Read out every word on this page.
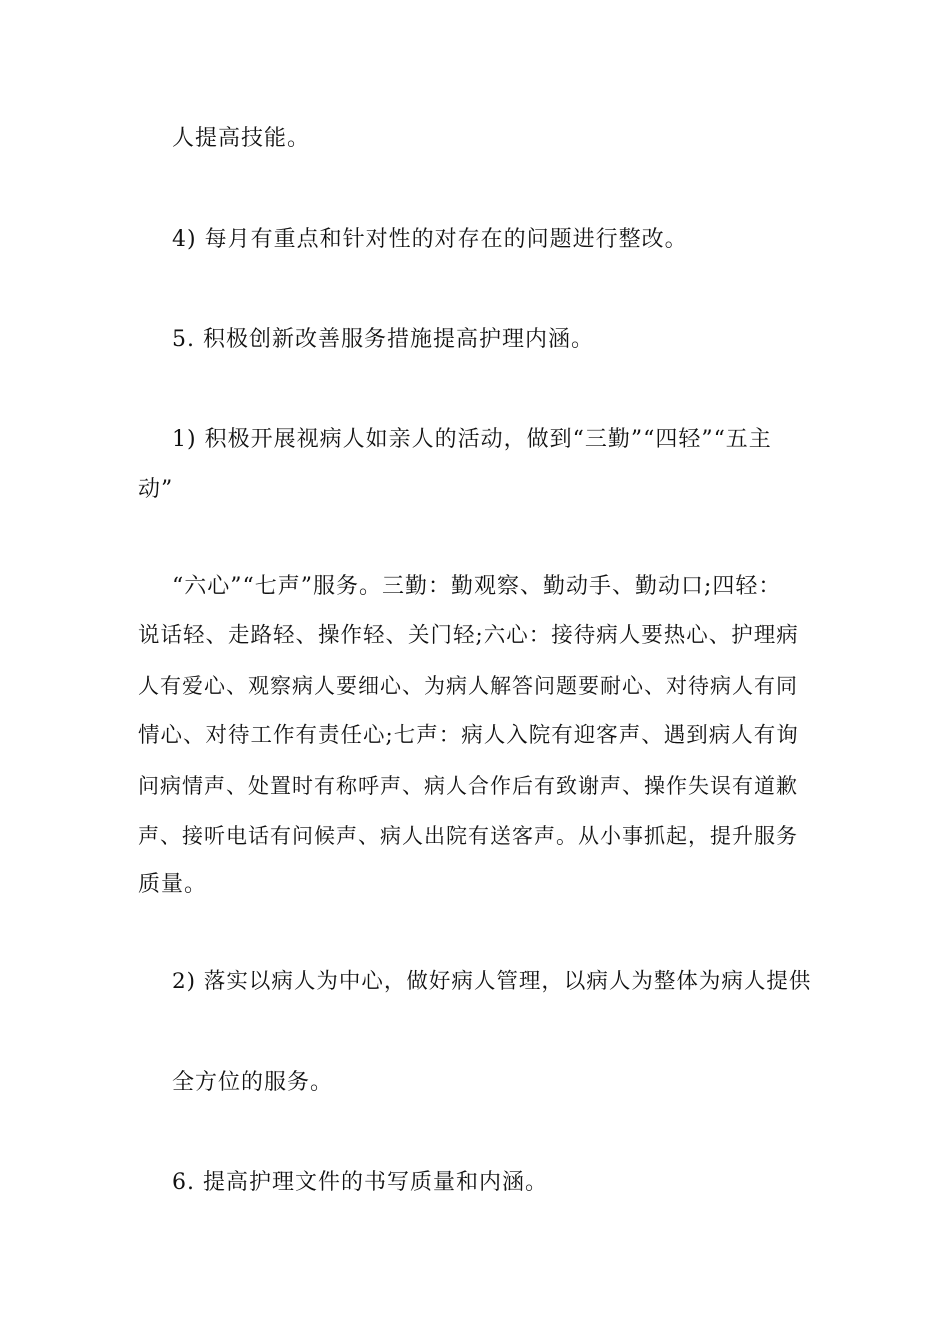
人提高技能。
4) 每月有重点和针对性的对存在的问题进行整改。
5. 积极创新改善服务措施提高护理内涵。
1) 积极开展视病人如亲人的活动，做到“三勤”“四轻”“五主
动”
“六心”“七声”服务。三勤：勤观察、勤动手、勤动口;四轻：
说话轻、走路轻、操作轻、关门轻;六心：接待病人要热心、护理病
人有爱心、观察病人要细心、为病人解答问题要耐心、对待病人有同
情心、对待工作有责任心;七声：病人入院有迎客声、遇到病人有询
问病情声、处置时有称呼声、病人合作后有致谢声、操作失误有道歉
声、接听电话有问候声、病人出院有送客声。从小事抓起，提升服务
质量。
2) 落实以病人为中心，做好病人管理，以病人为整体为病人提供
全方位的服务。
6. 提高护理文件的书写质量和内涵。
